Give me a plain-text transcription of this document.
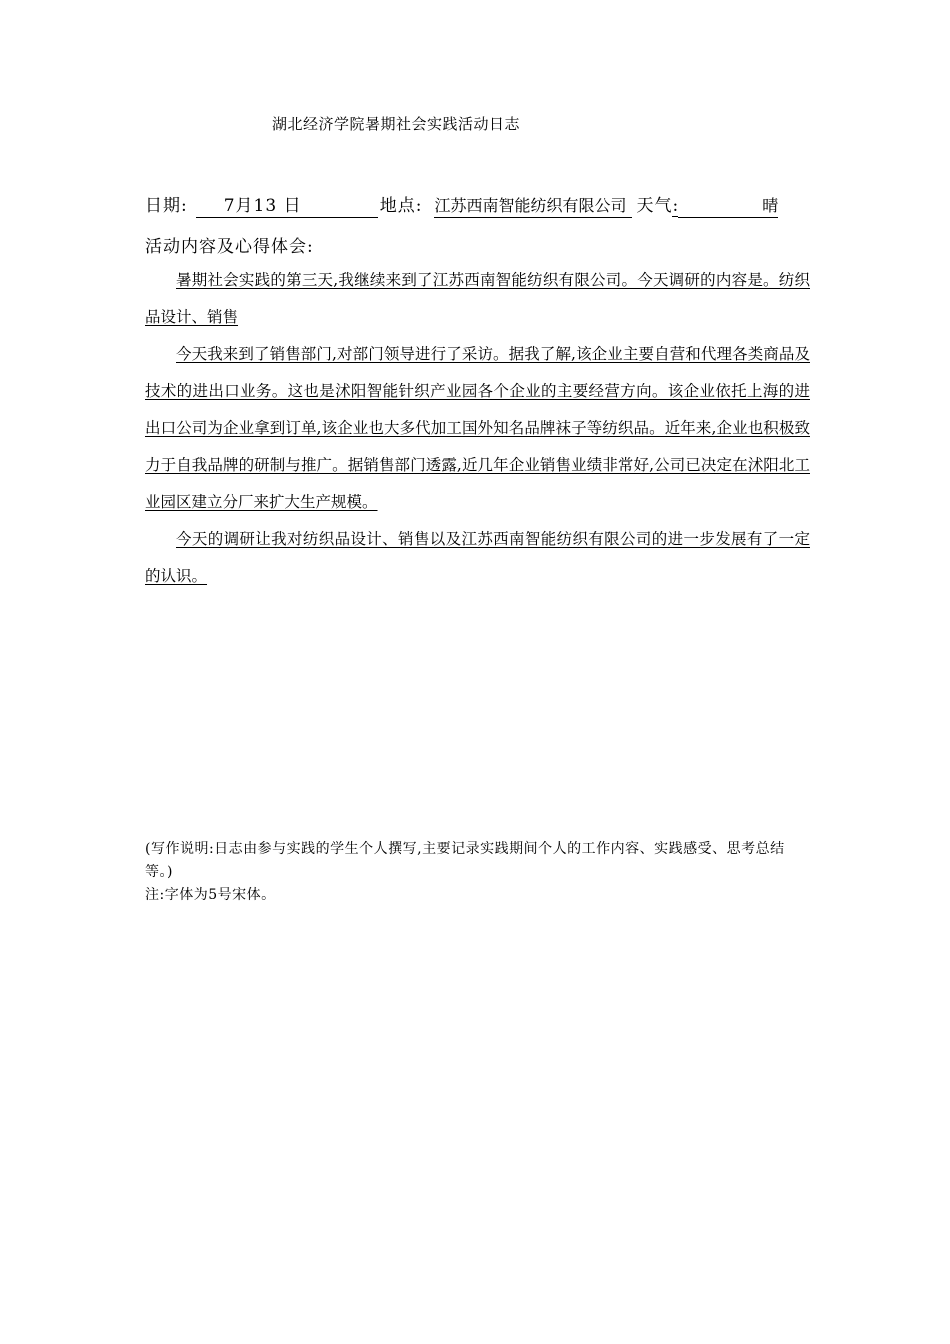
湖北经济学院暑期社会实践活动日志
日期: 7月13 日	地点: 江苏西南智能纺织有限公司 天气:	晴
活动内容及心得体会:

暑期社会实践的第三天,我继续来到了江苏西南智能纺织有限公司。今天调研的内容是。纺织品设计、销售

今天我来到了销售部门,对部门领导进行了采访。据我了解,该企业主要自营和代理各类商品及技术的进出口业务。这也是沭阳智能针织产业园各个企业的主要经营方向。该企业依托上海的进出口公司为企业拿到订单,该企业也大多代加工国外知名品牌袜子等纺织品。近年来,企业也积极致力于自我品牌的研制与推广。据销售部门透露,近几年企业销售业绩非常好,公司已决定在沭阳北工业园区建立分厂来扩大生产规模。

今天的调研让我对纺织品设计、销售以及江苏西南智能纺织有限公司的进一步发展有了一定的认识。

(写作说明:日志由参与实践的学生个人撰写,主要记录实践期间个人的工作内容、实践感受、思考总结等。)

注:字体为5号宋体。
